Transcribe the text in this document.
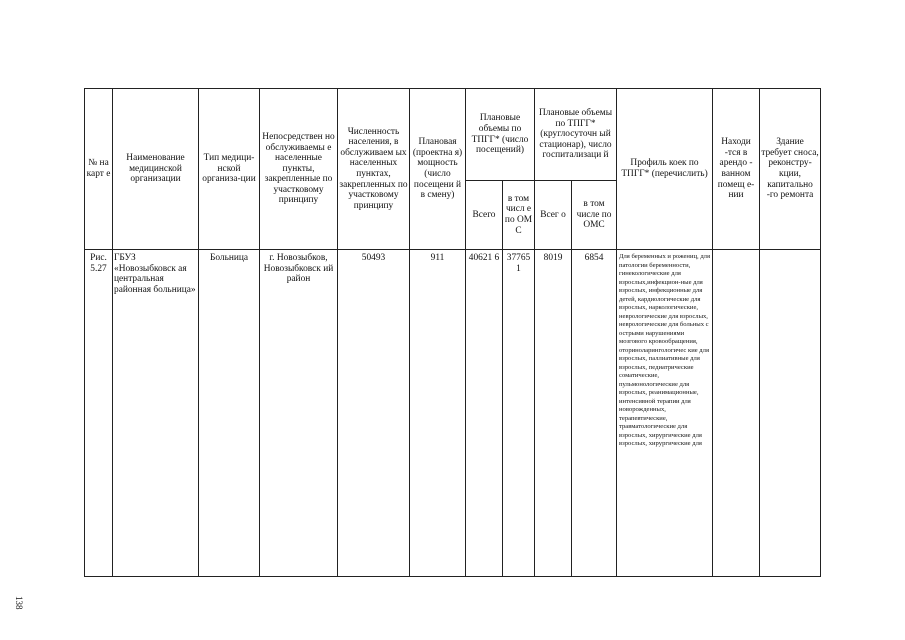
138
№ на карт е	Наименование медицинской организации	Тип медици-нской организа-ции	Непосредствен но обслуживаемы е населенные пункты, закрепленные по участковому принципу	Численность населения, в обслуживаем ых населенных пунктах, закрепленных по участковому принципу	Плановая (проектна я) мощность (число посещени й в смену)	Плановые объемы по ТПГГ* (число посещений)		Плановые объемы по ТПГГ* (круглосуточн ый стационар), число госпитализаци й		Профиль коек по ТПГГ* (перечислить)	Находи -тся в арендо - ванном помещ е-нии	Здание требует сноса, реконстру- кции, капитально -го ремонта
						Всего	в том числ е по ОМ С	Всег о	в том числе по ОМС			
Рис. 5.27	ГБУЗ «Новозыбковск ая центральная районная больница»	Больница	г. Новозыбков, Новозыбковск ий район	50493	911	40621 6	37765 1	8019	6854	Для беременных и рожениц, для патологии беременности, гинекологические для взрослых,инфекцион-ные для взрослых, инфекционные для детей, кардиологические для взрослых, наркологические, неврологические для взрослых, неврологические для больных с острыми нарушениями мозгового кровообращения, оториноларингологичес кие для взрослых, паллиативные для взрослых, педиатрические соматические, пульмонологические для взрослых, реанимационные, интенсивной терапии для новорожденных, терапевтические, травматологические для взрослых, хирургические для взрослых, хирургические для		
